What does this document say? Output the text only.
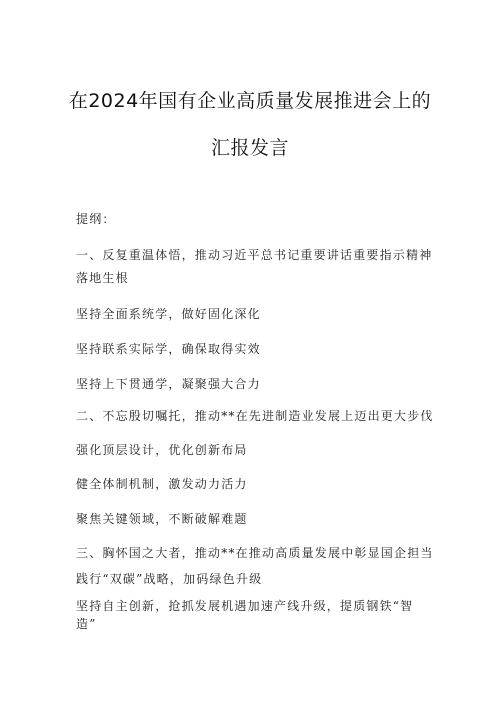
在2024年国有企业高质量发展推进会上的
汇报发言
提纲：
一、反复重温体悟，推动习近平总书记重要讲话重要指示精神
落地生根
坚持全面系统学，做好固化深化
坚持联系实际学，确保取得实效
坚持上下贯通学，凝聚强大合力
二、不忘殷切嘱托，推动**在先进制造业发展上迈出更大步伐
强化顶层设计，优化创新布局
健全体制机制，激发动力活力
聚焦关键领域，不断破解难题
三、胸怀国之大者，推动**在推动高质量发展中彰显国企担当
践行“双碳”战略，加码绿色升级
坚持自主创新，抢抓发展机遇加速产线升级，提质钢铁“智
造”
